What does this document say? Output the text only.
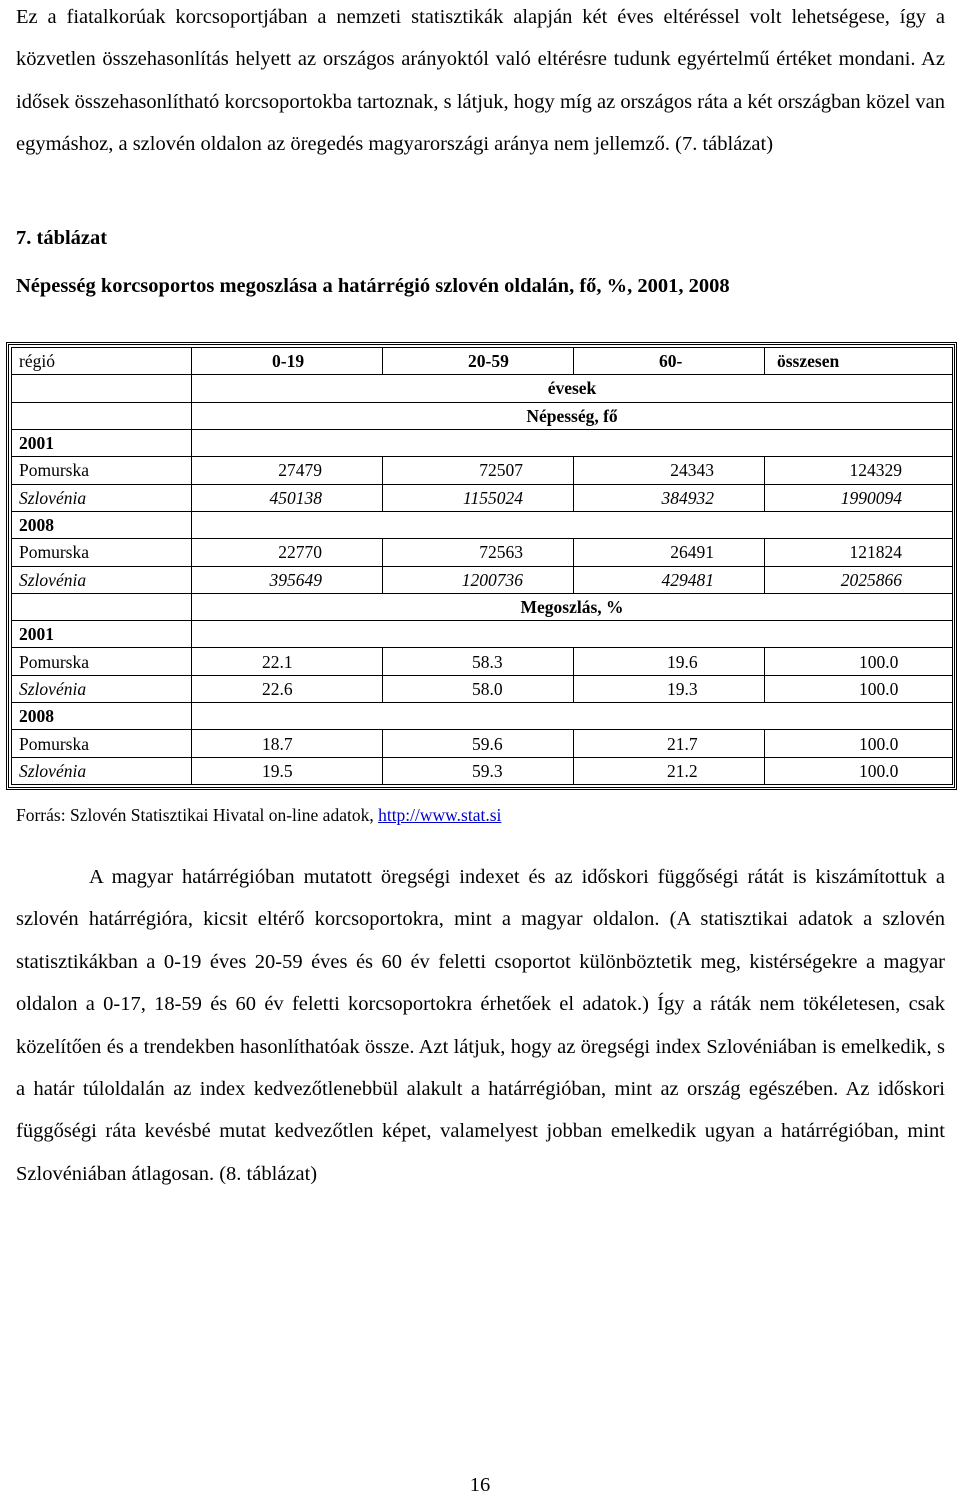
Ez a fiatalkorúak korcsoportjában a nemzeti statisztikák alapján két éves eltéréssel volt lehetségese, így a közvetlen összehasonlítás helyett az országos arányoktól való eltérésre tudunk egyértelmű értéket mondani. Az idősek összehasonlítható korcsoportokba tartoznak, s látjuk, hogy míg az országos ráta a két országban közel van egymáshoz, a szlovén oldalon az öregedés magyarországi aránya nem jellemző. (7. táblázat)

7. táblázat

Népesség korcsoportos megoszlása a határrégió szlovén oldalán, fő, %, 2001, 2008

régió	0-19	20-59	60-	összesen
	évesek			
	Népesség, fő			
2001				
Pomurska	27479	72507	24343	124329
Szlovénia	450138	1155024	384932	1990094
2008				
Pomurska	22770	72563	26491	121824
Szlovénia	395649	1200736	429481	2025866
	Megoszlás, %			
2001				
Pomurska	22.1	58.3	19.6	100.0
Szlovénia	22.6	58.0	19.3	100.0
2008				
Pomurska	18.7	59.6	21.7	100.0
Szlovénia	19.5	59.3	21.2	100.0

Forrás: Szlovén Statisztikai Hivatal on-line adatok, http://www.stat.si

A magyar határrégióban mutatott öregségi indexet és az időskori függőségi rátát is kiszámítottuk a szlovén határrégióra, kicsit eltérő korcsoportokra, mint a magyar oldalon. (A statisztikai adatok a szlovén statisztikákban a 0-19 éves 20-59 éves és 60 év feletti csoportot különböztetik meg, kistérségekre a magyar oldalon a 0-17, 18-59 és 60 év feletti korcsoportokra érhetőek el adatok.) Így a ráták nem tökéletesen, csak közelítően és a trendekben hasonlíthatóak össze. Azt látjuk, hogy az öregségi index Szlovéniában is emelkedik, s a határ túloldalán az index kedvezőtlenebbül alakult a határrégióban, mint az ország egészében. Az időskori függőségi ráta kevésbé mutat kedvezőtlen képet, valamelyest jobban emelkedik ugyan a határrégióban, mint Szlovéniában átlagosan. (8. táblázat)

16
